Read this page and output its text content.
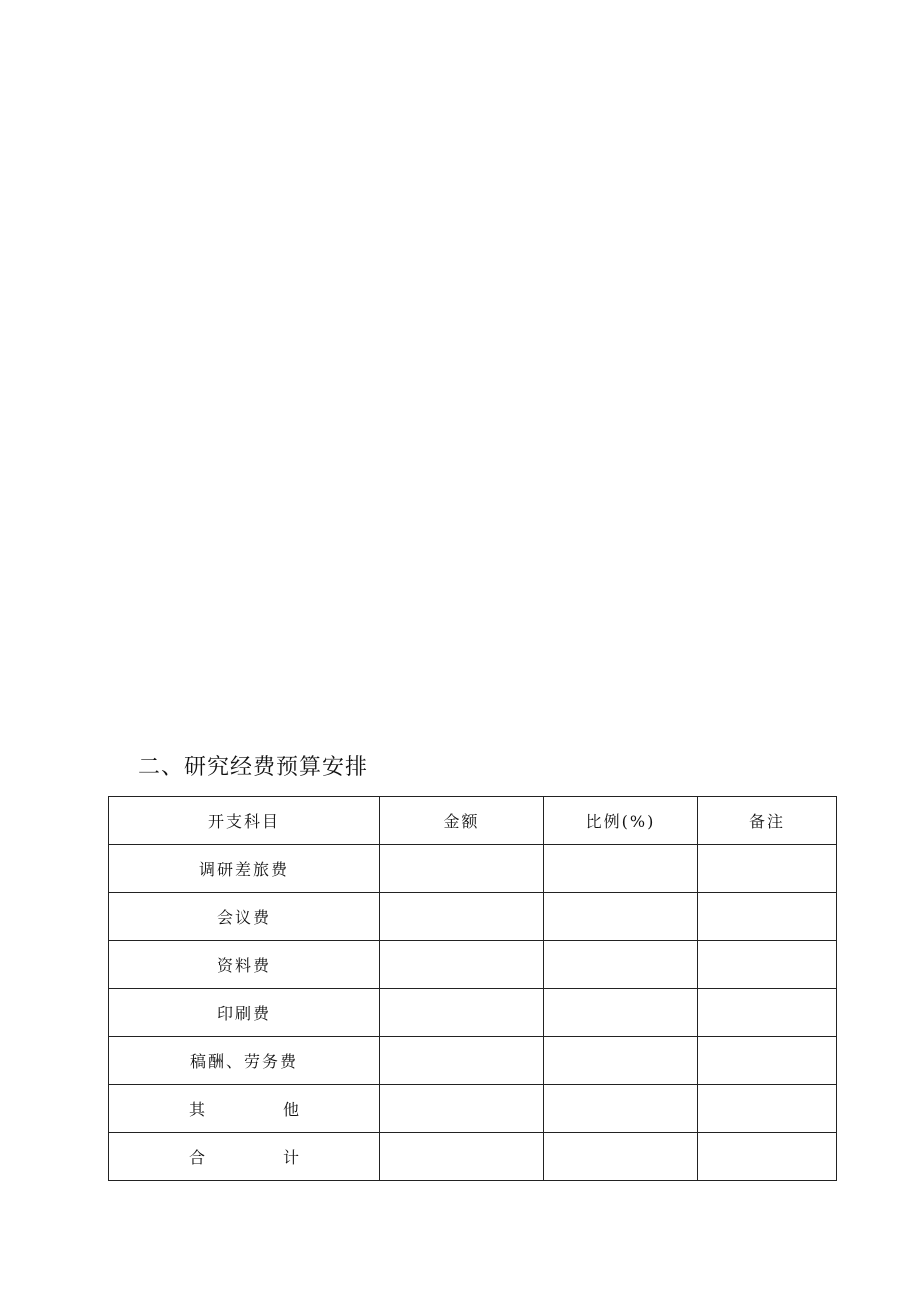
二、研究经费预算安排
开支科目	金额	比例(%)	备注
调研差旅费			
会议费			
资料费			
印刷费			
稿酬、劳务费			

其 他			

合 计			
